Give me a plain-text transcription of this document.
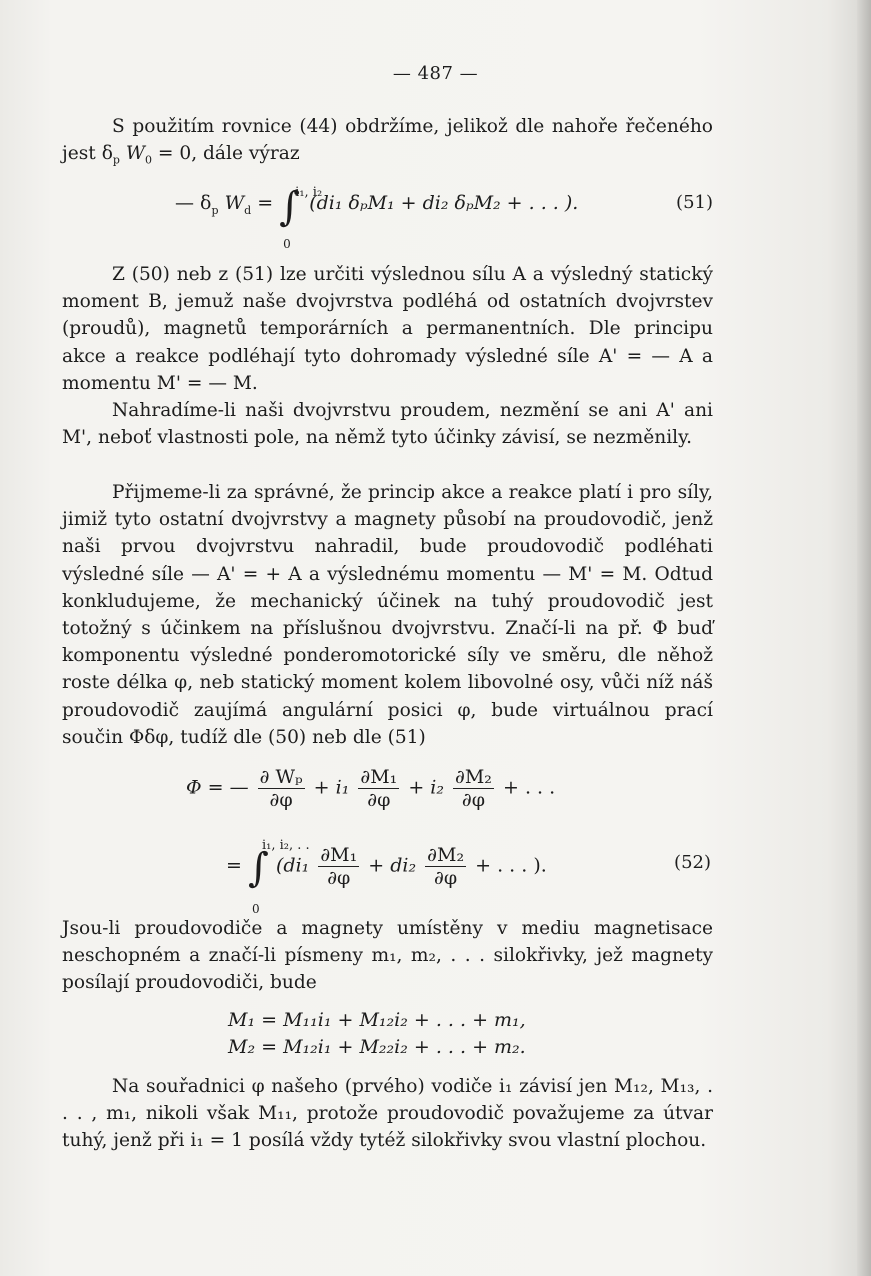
— 487 —
S použitím rovnice (44) obdržíme, jelikož dle nahoře řečeného jest $\delta_p$ $W_0 = 0$, dále výraz
— $\delta_p$ $W_d$ = ∫
i₁, i₂
0
(di₁ δₚM₁ + di₂ δₚM₂ + . . . ).	(51)
Z (50) neb z (51) lze určiti výslednou sílu A a výsledný statický moment B, jemuž naše dvojvrstva podléhá od ostatních dvojvrstev (proudů), magnetů temporárních a permanentních. Dle principu akce a reakce podléhají tyto dohromady výsledné síle A' = — A a momentu M' = — M.
Nahradíme-li naši dvojvrstvu proudem, nezmění se ani A' ani M', neboť vlastnosti pole, na němž tyto účinky závisí, se nezměnily.
Přijmeme-li za správné, že princip akce a reakce platí i pro síly, jimiž tyto ostatní dvojvrstvy a magnety působí na proudovodič, jenž naši prvou dvojvrstvu nahradil, bude proudovodič podléhati výsledné síle — A' = + A a výslednému momentu — M' = M. Odtud konkludujeme, že mechanický účinek na tuhý proudovodič jest totožný s účinkem na příslušnou dvojvrstvu. Značí-li na př. Φ buď komponentu výsledné ponderomotorické síly ve směru, dle něhož roste délka φ, neb statický moment kolem libovolné osy, vůči níž náš proudovodič zaujímá angulární posici φ, bude virtuálnou prací součin Φδφ, tudíž dle (50) neb dle (51)
Φ = — $\frac{\text{∂ Wₚ}}{\partial\varphi} + i_1 \frac{\text{∂M₁}}{\partial\varphi} + i_2 \frac{\text{∂M₂}}{\partial\varphi}$ + . . .
= ∫
i₁, i₂, . .
0
($di_1 \frac{\text{∂M₁}}{\partial\varphi} + di_2 \frac{\text{∂M₂}}{\partial\varphi}$ + . . . ).	(52)
Jsou-li proudovodiče a magnety umístěny v mediu magnetisace neschopném a značí-li písmeny m₁, m₂, . . . silokřivky, jež magnety posílají proudovodiči, bude
M₁ = M₁₁i₁ + M₁₂i₂ + . . . + m₁,
M₂ = M₁₂i₁ + M₂₂i₂ + . . . + m₂.
Na souřadnici φ našeho (prvého) vodiče i₁ závisí jen M₁₂, M₁₃, . . . , m₁, nikoli však M₁₁, protože proudovodič považujeme za útvar tuhý, jenž při i₁ = 1 posílá vždy tytéž silokřivky svou vlastní plochou.
